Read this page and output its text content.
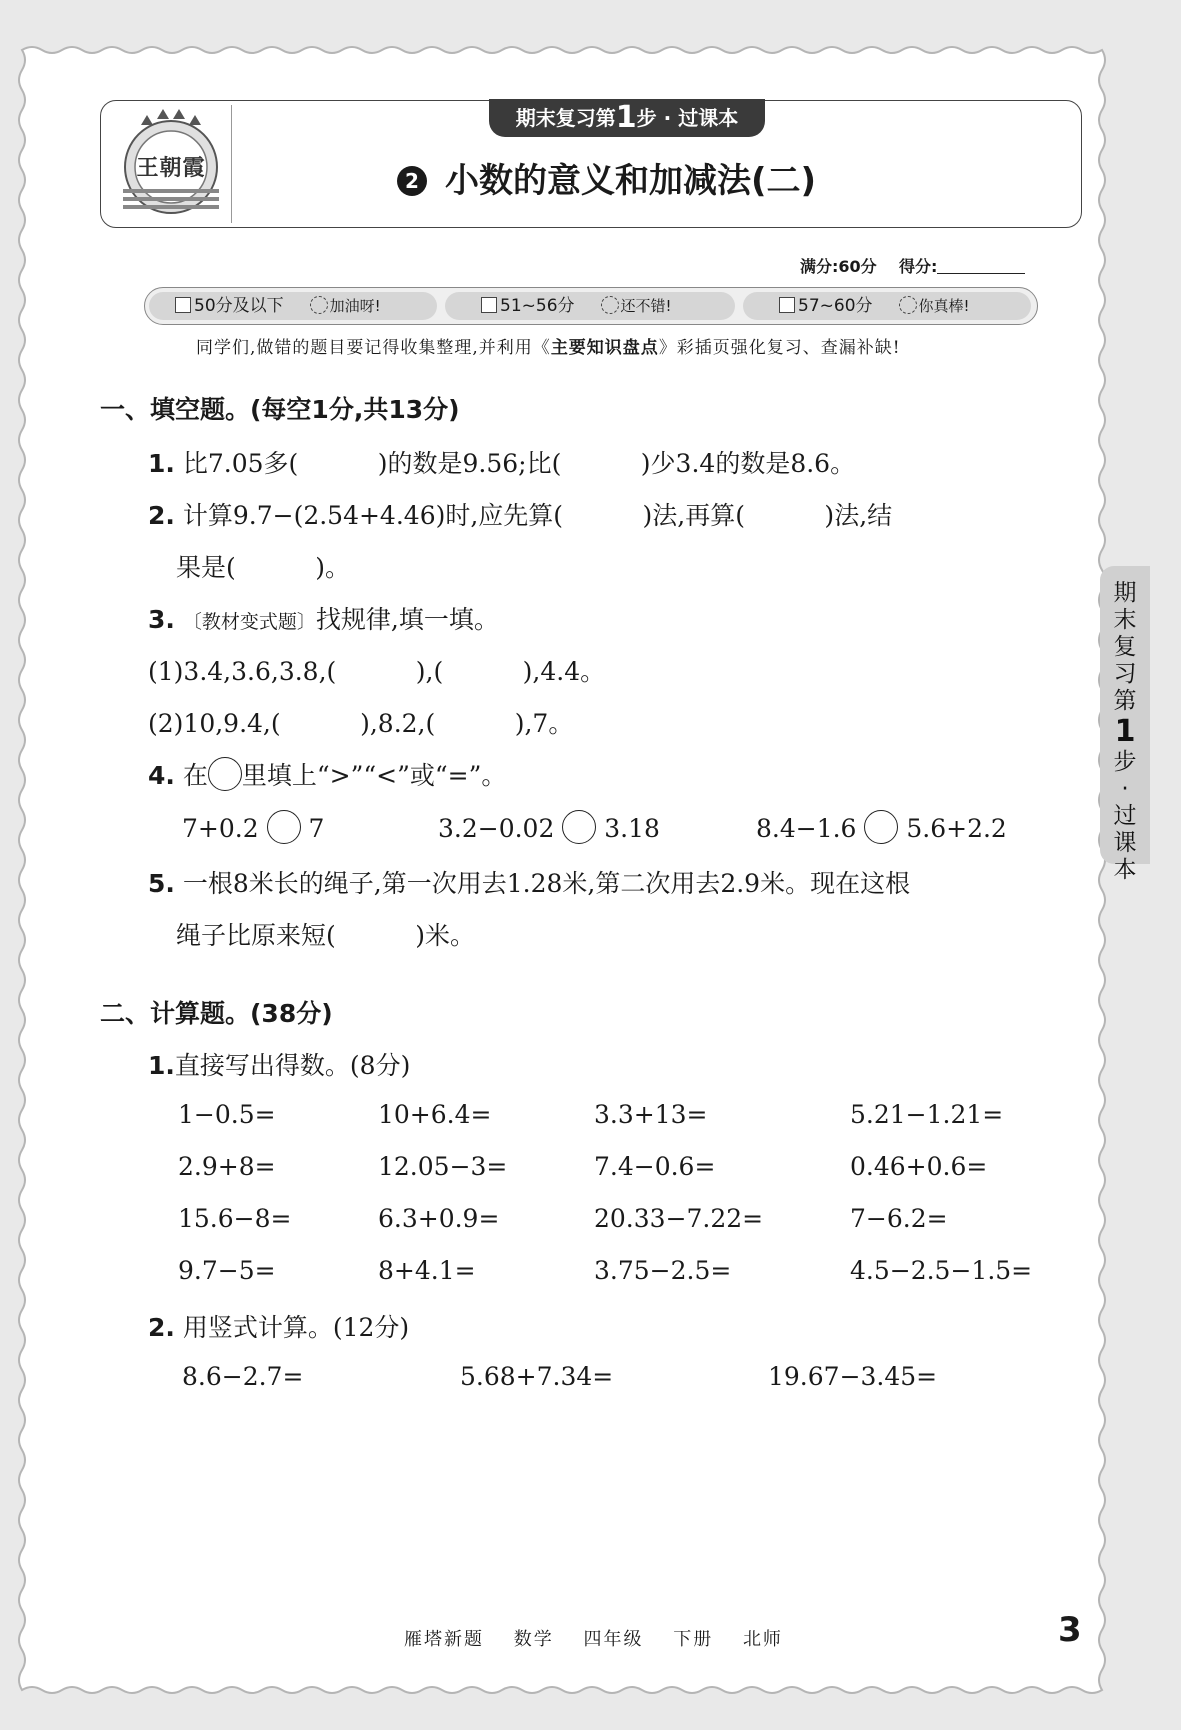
王朝霞
期末复习第1步 · 过课本
2 小数的意义和加减法(二)
满分:60分 得分:
50分及以下	加油呀!	51~56分	还不错!	57~60分	你真棒!
同学们,做错的题目要记得收集整理,并利用《主要知识盘点》彩插页强化复习、查漏补缺!
一、填空题。(每空1分,共13分)
1. 比7.05多(          )的数是9.56;比(          )少3.4的数是8.6。
2. 计算9.7−(2.54+4.46)时,应先算(          )法,再算(          )法,结
果是(          )。
3. 〔教材变式题〕找规律,填一填。
(1)3.4,3.6,3.8,(          ),(          ),4.4。
(2)10,9.4,(          ),8.2,(          ),7。
4. 在 里填上“>”“<”或“=”。
7+0.2 7	3.2−0.02 3.18	8.4−1.6 5.6+2.2
5. 一根8米长的绳子,第一次用去1.28米,第二次用去2.9米。现在这根
绳子比原来短(          )米。
二、计算题。(38分)
1.直接写出得数。(8分)
1−0.5=	10+6.4=	3.3+13=	5.21−1.21=
2.9+8=	12.05−3=	7.4−0.6=	0.46+0.6=
15.6−8=	6.3+0.9=	20.33−7.22=	7−6.2=
9.7−5=	8+4.1=	3.75−2.5=	4.5−2.5−1.5=
2. 用竖式计算。(12分)
8.6−2.7=	5.68+7.34=	19.67−3.45=
期
末
复
习
第
1
步
·
过
课
本
雁塔新题 数学 四年级 下册 北师	3
